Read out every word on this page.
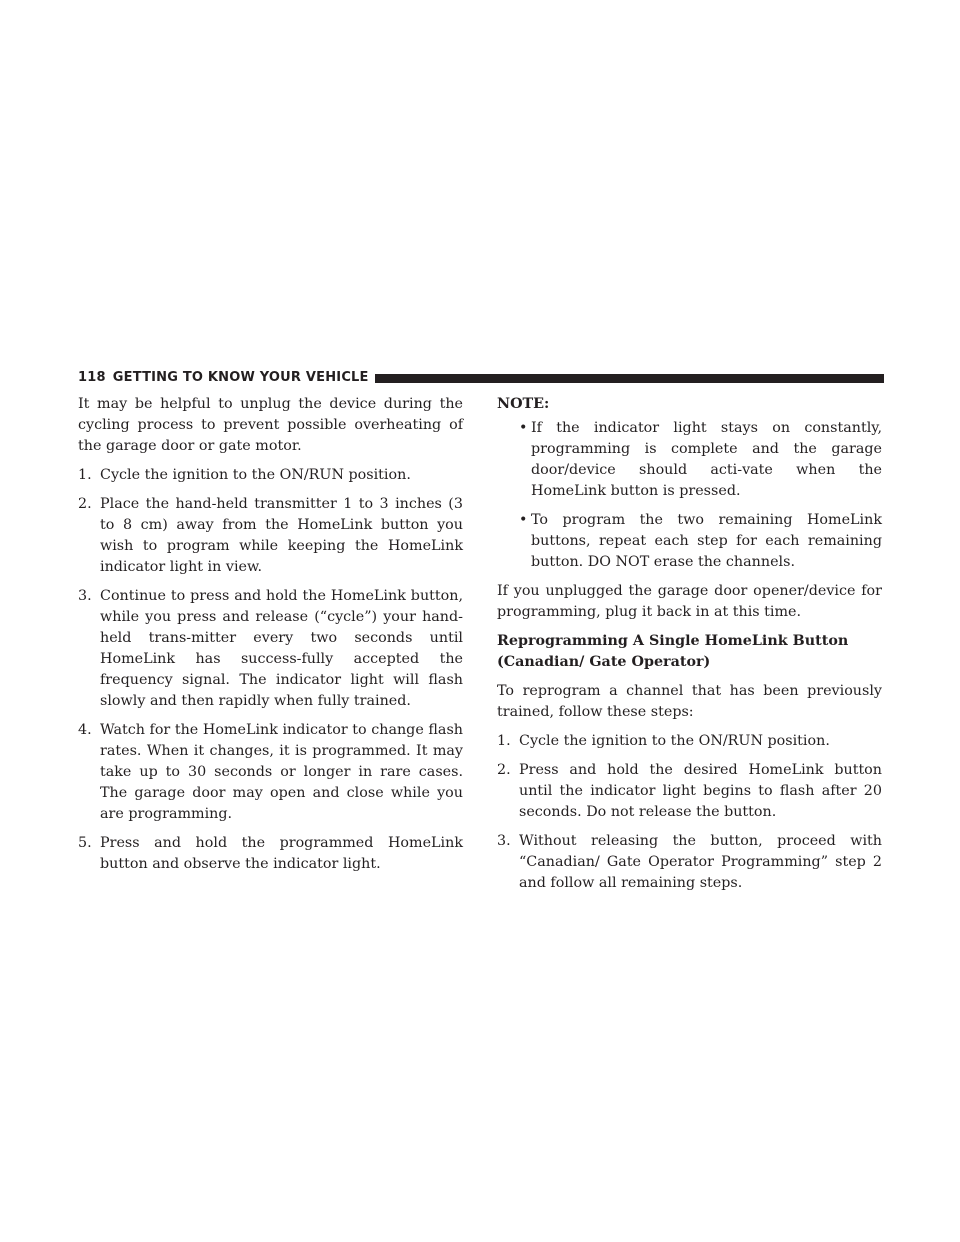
118 GETTING TO KNOW YOUR VEHICLE

It may be helpful to unplug the device during the cycling process to prevent possible overheating of the garage door or gate motor.

1. Cycle the ignition to the ON/RUN position.
2. Place the hand-held transmitter 1 to 3 inches (3 to 8 cm) away from the HomeLink button you wish to program while keeping the HomeLink indicator light in view.
3. Continue to press and hold the HomeLink button, while you press and release (“cycle”) your hand-held trans-mitter every two seconds until HomeLink has success-fully accepted the frequency signal. The indicator light will flash slowly and then rapidly when fully trained.
4. Watch for the HomeLink indicator to change flash rates. When it changes, it is programmed. It may take up to 30 seconds or longer in rare cases. The garage door may open and close while you are programming.
5. Press and hold the programmed HomeLink button and observe the indicator light.
NOTE:
• If the indicator light stays on constantly, programming is complete and the garage door/device should acti-vate when the HomeLink button is pressed.
• To program the two remaining HomeLink buttons, repeat each step for each remaining button. DO NOT erase the channels.

If you unplugged the garage door opener/device for programming, plug it back in at this time.

Reprogramming A Single HomeLink Button (Canadian/ Gate Operator)

To reprogram a channel that has been previously trained, follow these steps:

1. Cycle the ignition to the ON/RUN position.
2. Press and hold the desired HomeLink button until the indicator light begins to flash after 20 seconds. Do not release the button.
3. Without releasing the button, proceed with “Canadian/ Gate Operator Programming” step 2 and follow all remaining steps.
